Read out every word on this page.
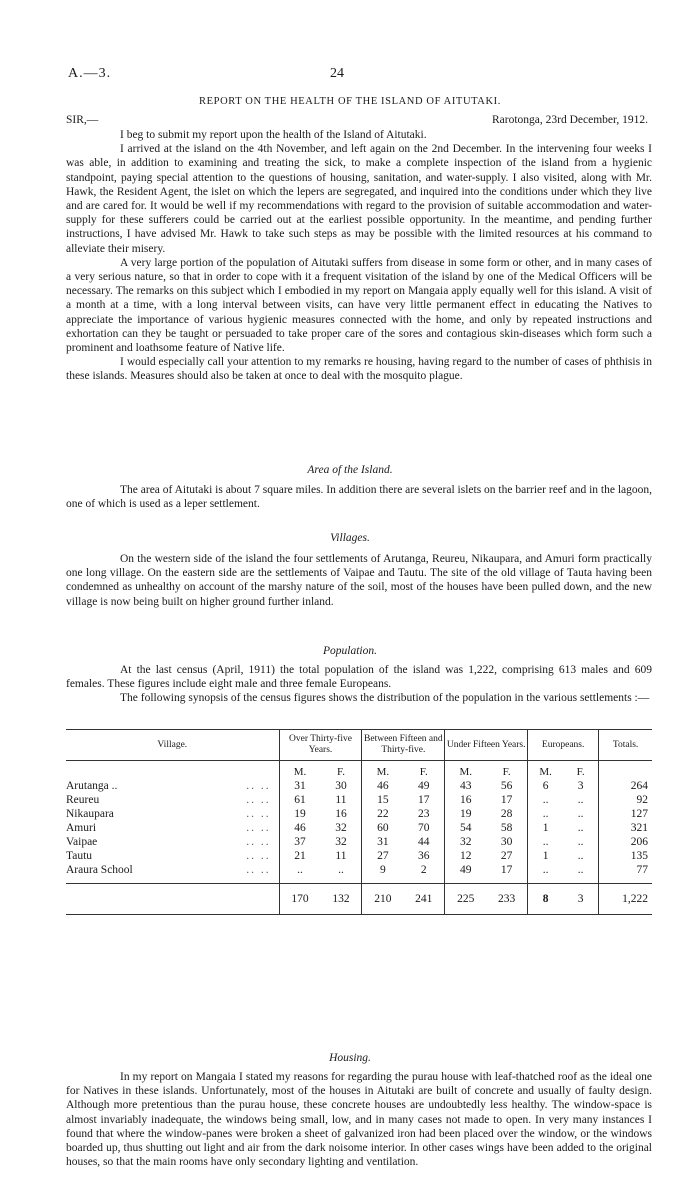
A.—3.	24
REPORT ON THE HEALTH OF THE ISLAND OF AITUTAKI.
SIR,—	Rarotonga, 23rd December, 1912.

I beg to submit my report upon the health of the Island of Aitutaki.

I arrived at the island on the 4th November, and left again on the 2nd December. In the intervening four weeks I was able, in addition to examining and treating the sick, to make a complete inspection of the island from a hygienic standpoint, paying special attention to the questions of housing, sanitation, and water-supply. I also visited, along with Mr. Hawk, the Resident Agent, the islet on which the lepers are segregated, and inquired into the conditions under which they live and are cared for. It would be well if my recommendations with regard to the provision of suitable accommodation and water-supply for these sufferers could be carried out at the earliest possible opportunity. In the meantime, and pending further instructions, I have advised Mr. Hawk to take such steps as may be possible with the limited resources at his command to alleviate their misery.

A very large portion of the population of Aitutaki suffers from disease in some form or other, and in many cases of a very serious nature, so that in order to cope with it a frequent visitation of the island by one of the Medical Officers will be necessary. The remarks on this subject which I embodied in my report on Mangaia apply equally well for this island. A visit of a month at a time, with a long interval between visits, can have very little permanent effect in educating the Natives to appreciate the importance of various hygienic measures connected with the home, and only by repeated instructions and exhortation can they be taught or persuaded to take proper care of the sores and contagious skin-diseases which form such a prominent and loathsome feature of Native life.

I would especially call your attention to my remarks re housing, having regard to the number of cases of phthisis in these islands. Measures should also be taken at once to deal with the mosquito plague.

Area of the Island.

The area of Aitutaki is about 7 square miles. In addition there are several islets on the barrier reef and in the lagoon, one of which is used as a leper settlement.

Villages.

On the western side of the island the four settlements of Arutanga, Reureu, Nikaupara, and Amuri form practically one long village. On the eastern side are the settlements of Vaipae and Tautu. The site of the old village of Tauta having been condemned as unhealthy on account of the marshy nature of the soil, most of the houses have been pulled down, and the new village is now being built on higher ground further inland.

Population.

At the last census (April, 1911) the total population of the island was 1,222, comprising 613 males and 609 females. These figures include eight male and three female Europeans.

The following synopsis of the census figures shows the distribution of the population in the various settlements :—

Village.	Over Thirty-five Years.		Between Fifteen and Thirty-five.		Under Fifteen Years.		Europeans.		Totals.
	M.	F.	M.	F.	M.	F.	M.	F.	
Arutanga .. .. ..	31	30	46	49	43	56	6	3	264
Reureu .. ..	61	11	15	17	16	17	..	..	92
Nikaupara .. ..	19	16	22	23	19	28	..	..	127
Amuri .. ..	46	32	60	70	54	58	1	..	321
Vaipae .. ..	37	32	31	44	32	30	..	..	206
Tautu .. ..	21	11	27	36	12	27	1	..	135
Araura School .. ..	..	..	9	2	49	17	..	..	77

	170	132	210	241	225	233	8	3	1,222
Housing.

In my report on Mangaia I stated my reasons for regarding the purau house with leaf-thatched roof as the ideal one for Natives in these islands. Unfortunately, most of the houses in Aitutaki are built of concrete and usually of faulty design. Although more pretentious than the purau house, these concrete houses are undoubtedly less healthy. The window-space is almost invariably inadequate, the windows being small, low, and in many cases not made to open. In very many instances I found that where the window-panes were broken a sheet of galvanized iron had been placed over the window, or the windows boarded up, thus shutting out light and air from the dark noisome interior. In other cases wings have been added to the original houses, so that the main rooms have only secondary lighting and ventilation.
